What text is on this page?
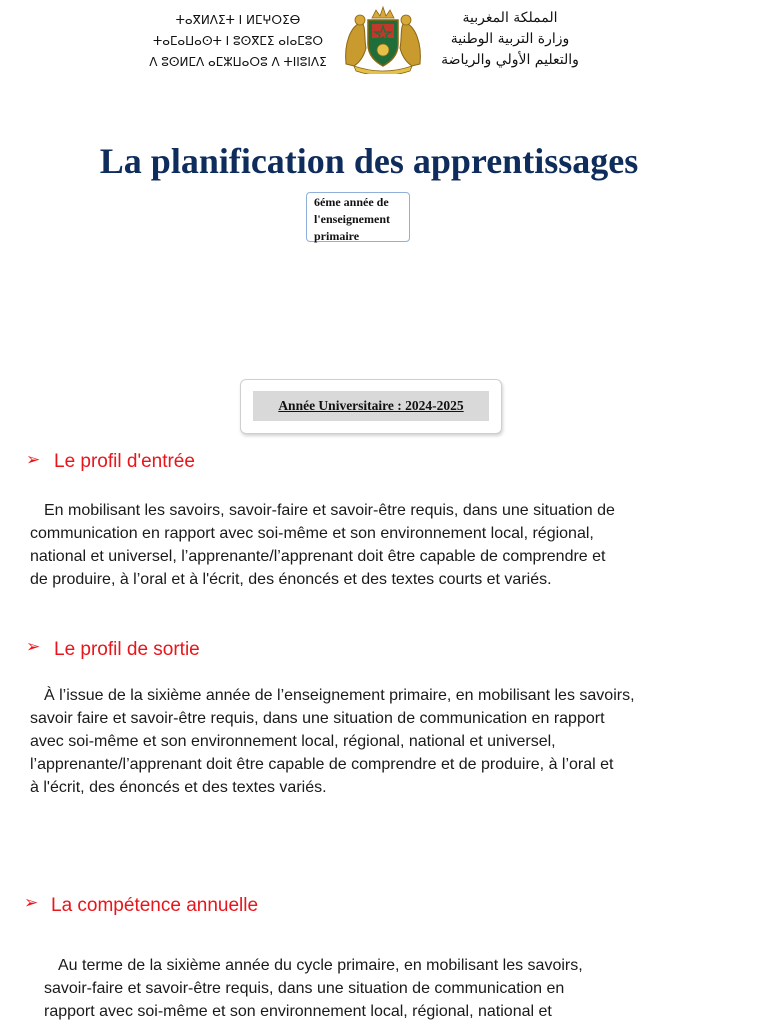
ⵜⴰⴳⵍⴷⵉⵜ ⵏ ⵍⵎⵖⵔⵉⴱ
ⵜⴰⵎⴰⵡⴰⵙⵜ ⵏ ⵓⵙⴳⵎⵉ ⴰⵏⴰⵎⵓⵔ
ⴷ ⵓⵙⵍⵎⴷ ⴰⵎⵣⵡⴰⵔⵓ ⴷ ⵜⵏⵏⵓⵏⴷⵉ
المملكة المغربية
وزارة التربية الوطنية
والتعليم الأولي والرياضة
La planification des apprentissages
6éme année de
l'enseignement
primaire
Année Universitaire : 2024-2025
➢ Le profil d'entrée
En mobilisant les savoirs, savoir-faire et savoir-être requis, dans une situation de
communication en rapport avec soi-même et son environnement local, régional,
national et universel, l’apprenante/l’apprenant doit être capable de comprendre et
de produire, à l’oral et à l'écrit, des énoncés et des textes courts et variés.
➢ Le profil de sortie
À l’issue de la sixième année de l’enseignement primaire, en mobilisant les savoirs,
savoir faire et savoir-être requis, dans une situation de communication en rapport
avec soi-même et son environnement local, régional, national et universel,
l’apprenante/l’apprenant doit être capable de comprendre et de produire, à l’oral et
à l'écrit, des énoncés et des textes variés.
➢ La compétence annuelle
Au terme de la sixième année du cycle primaire, en mobilisant les savoirs,
savoir-faire et savoir-être requis, dans une situation de communication en
rapport avec soi-même et son environnement local, régional, national et
